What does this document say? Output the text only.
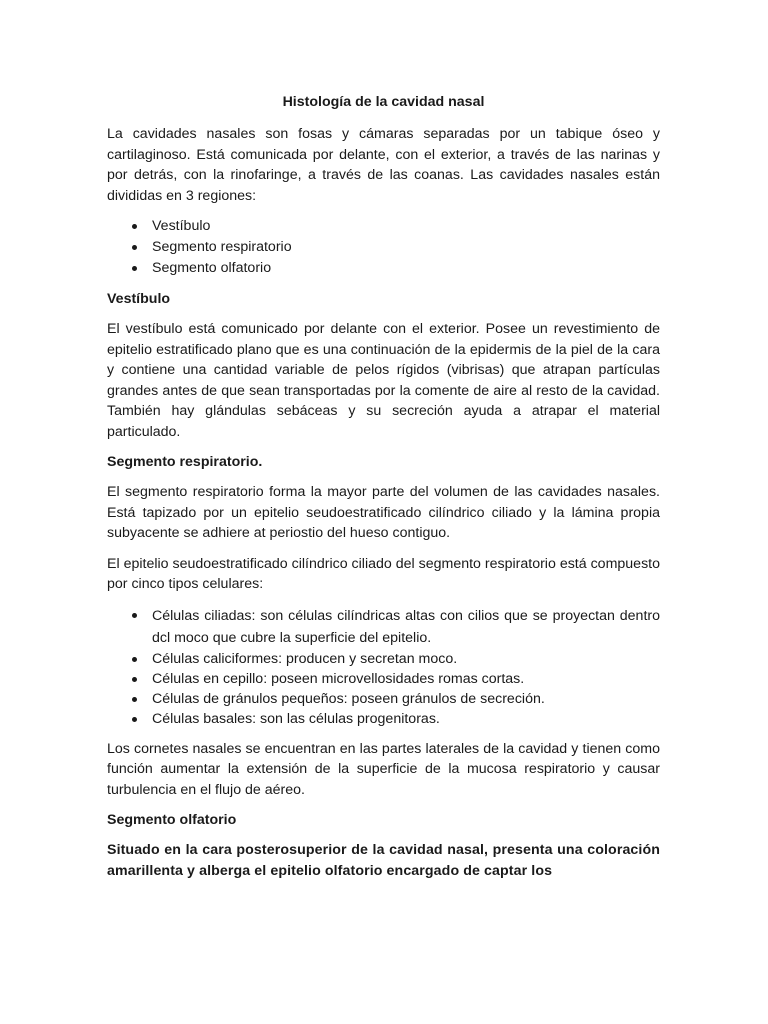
Histología de la cavidad nasal

La cavidades nasales son fosas y cámaras separadas por un tabique óseo y cartilaginoso. Está comunicada por delante, con el exterior, a través de las narinas y por detrás, con la rinofaringe, a través de las coanas. Las cavidades nasales están divididas en 3 regiones:

Vestíbulo
Segmento respiratorio
Segmento olfatorio
Vestíbulo

El vestíbulo está comunicado por delante con el exterior. Posee un revestimiento de epitelio estratificado plano que es una continuación de la epidermis de la piel de la cara y contiene una cantidad variable de pelos rígidos (vibrisas) que atrapan partículas grandes antes de que sean transportadas por la comente de aire al resto de la cavidad. También hay glándulas sebáceas y su secreción ayuda a atrapar el material particulado.

Segmento respiratorio.

El segmento respiratorio forma la mayor parte del volumen de las cavidades nasales. Está tapizado por un epitelio seudoestratificado cilíndrico ciliado y la lámina propia subyacente se adhiere at periostio del hueso contiguo.

El epitelio seudoestratificado cilíndrico ciliado del segmento respiratorio está compuesto por cinco tipos celulares:

Células ciliadas: son células cilíndricas altas con cilios que se proyectan dentro dcl moco que cubre la superficie del epitelio.
Células caliciformes: producen y secretan moco.
Células en cepillo: poseen microvellosidades romas cortas.
Células de gránulos pequeños: poseen gránulos de secreción.
Células basales: son las células progenitoras.

Los cornetes nasales se encuentran en las partes laterales de la cavidad y tienen como función aumentar la extensión de la superficie de la mucosa respiratorio y causar turbulencia en el flujo de aéreo.

Segmento olfatorio

Situado en la cara posterosuperior de la cavidad nasal, presenta una coloración amarillenta y alberga el epitelio olfatorio encargado de captar los
